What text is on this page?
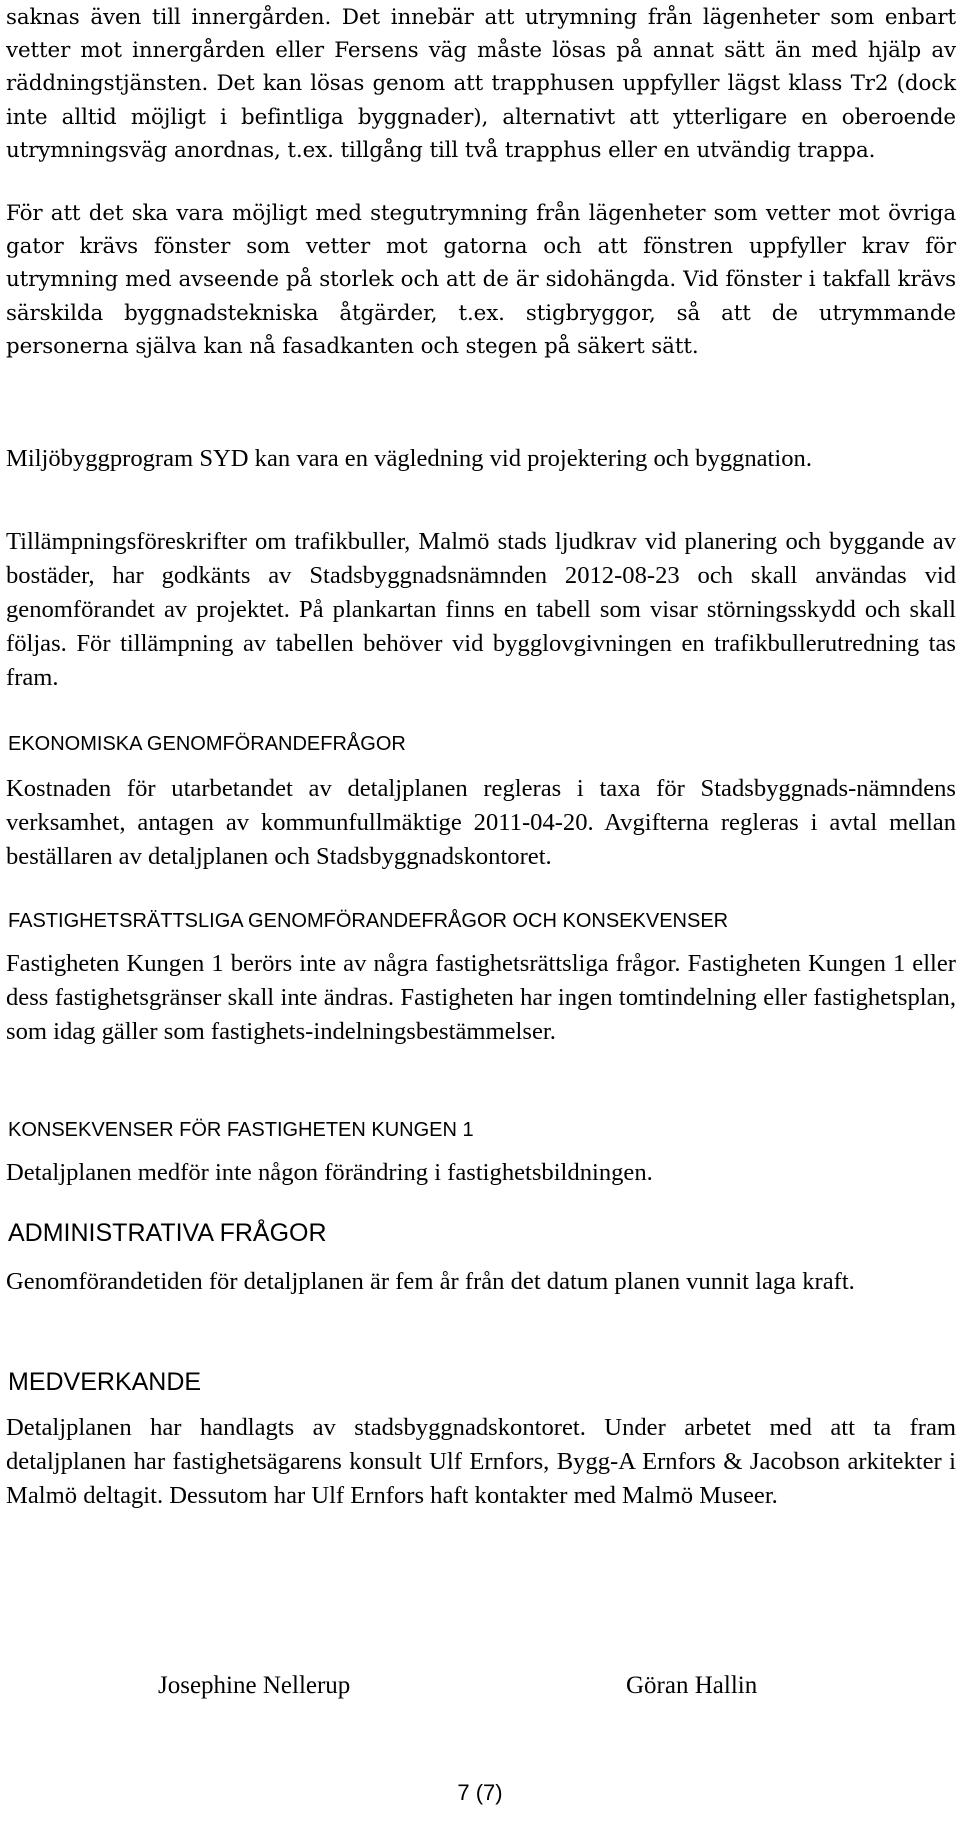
saknas även till innergården. Det innebär att utrymning från lägenheter som enbart vetter mot innergården eller Fersens väg måste lösas på annat sätt än med hjälp av räddningstjänsten. Det kan lösas genom att trapphusen uppfyller lägst klass Tr2 (dock inte alltid möjligt i befintliga byggnader), alternativt att ytterligare en oberoende utrymningsväg anordnas, t.ex. tillgång till två trapphus eller en utvändig trappa.

För att det ska vara möjligt med stegutrymning från lägenheter som vetter mot övriga gator krävs fönster som vetter mot gatorna och att fönstren uppfyller krav för utrymning med avseende på storlek och att de är sidohängda. Vid fönster i takfall krävs särskilda byggnadstekniska åtgärder, t.ex. stigbryggor, så att de utrymmande personerna själva kan nå fasadkanten och stegen på säkert sätt.

Miljöbyggprogram SYD kan vara en vägledning vid projektering och byggnation.

Tillämpningsföreskrifter om trafikbuller, Malmö stads ljudkrav vid planering och byggande av bostäder, har godkänts av Stadsbyggnadsnämnden 2012-08-23 och skall användas vid genomförandet av projektet. På plankartan finns en tabell som visar störningsskydd och skall följas. För tillämpning av tabellen behöver vid bygglovgivningen en trafikbullerutredning tas fram.

EKONOMISKA GENOMFÖRANDEFRÅGOR

Kostnaden för utarbetandet av detaljplanen regleras i taxa för Stadsbyggnads-nämndens verksamhet, antagen av kommunfullmäktige 2011-04-20. Avgifterna regleras i avtal mellan beställaren av detaljplanen och Stadsbyggnadskontoret.

FASTIGHETSRÄTTSLIGA GENOMFÖRANDEFRÅGOR OCH KONSEKVENSER

Fastigheten Kungen 1 berörs inte av några fastighetsrättsliga frågor. Fastigheten Kungen 1 eller dess fastighetsgränser skall inte ändras. Fastigheten har ingen tomtindelning eller fastighetsplan, som idag gäller som fastighets-indelningsbestämmelser.

KONSEKVENSER FÖR FASTIGHETEN KUNGEN 1

Detaljplanen medför inte någon förändring i fastighetsbildningen.

ADMINISTRATIVA FRÅGOR

Genomförandetiden för detaljplanen är fem år från det datum planen vunnit laga kraft.

MEDVERKANDE

Detaljplanen har handlagts av stadsbyggnadskontoret. Under arbetet med att ta fram detaljplanen har fastighetsägarens konsult Ulf Ernfors, Bygg-A Ernfors & Jacobson arkitekter i Malmö deltagit. Dessutom har Ulf Ernfors haft kontakter med Malmö Museer.

Josephine Nellerup	Göran Hallin

7 (7)
